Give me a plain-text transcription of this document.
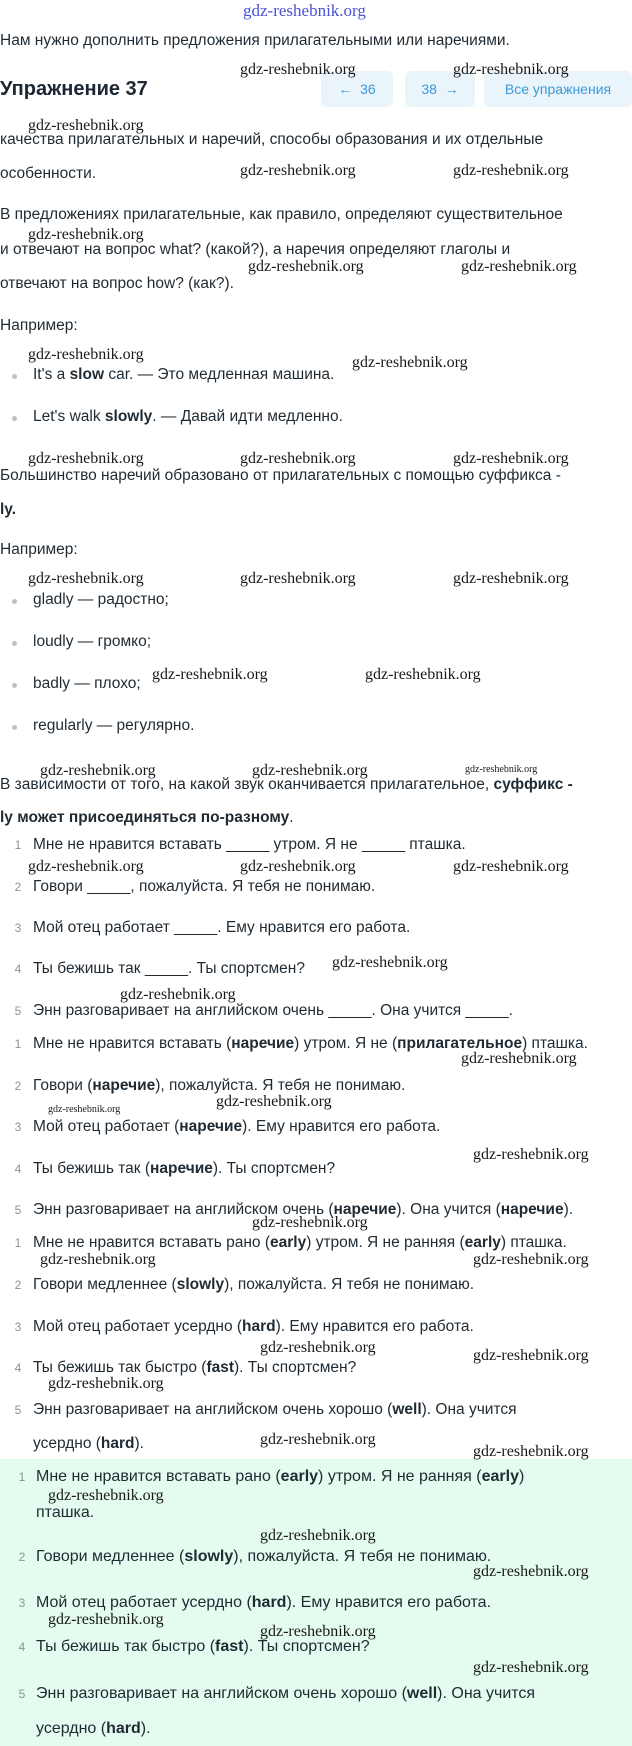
gdz-reshebnik.org
Нам нужно дополнить предложения прилагательными или наречиями.
Упражнение 37	← 36	38 →	Все упражнения
качества прилагательных и наречий, способы образования и их отдельные
особенности.
В предложениях прилагательные, как правило, определяют существительное
и отвечают на вопрос what? (какой?), а наречия определяют глаголы и
отвечают на вопрос how? (как?).
Например:
It's a slow car. — Это медленная машина.
Let's walk slowly. — Давай идти медленно.
Большинство наречий образовано от прилагательных с помощью суффикса -
ly.
Например:
gladly — радостно;
loudly — громко;
badly — плохо;
regularly — регулярно.
В зависимости от того, на какой звук оканчивается прилагательное, суффикс -
ly может присоединяться по-разному.
1 Мне не нравится вставать _____ утром. Я не _____ пташка.
2 Говори _____, пожалуйста. Я тебя не понимаю.
3 Мой отец работает _____. Ему нравится его работа.
4 Ты бежишь так _____. Ты спортсмен?
5 Энн разговаривает на английском очень _____. Она учится _____.
1 Мне не нравится вставать (наречие) утром. Я не (прилагательное) пташка.
2 Говори (наречие), пожалуйста. Я тебя не понимаю.
3 Мой отец работает (наречие). Ему нравится его работа.
4 Ты бежишь так (наречие). Ты спортсмен?
5 Энн разговаривает на английском очень (наречие). Она учится (наречие).
1 Мне не нравится вставать рано (early) утром. Я не ранняя (early) пташка.
2 Говори медленнее (slowly), пожалуйста. Я тебя не понимаю.
3 Мой отец работает усердно (hard). Ему нравится его работа.
4 Ты бежишь так быстро (fast). Ты спортсмен?
5 Энн разговаривает на английском очень хорошо (well). Она учится
усердно (hard).
1 Мне не нравится вставать рано (early) утром. Я не ранняя (early)
пташка.
2 Говори медленнее (slowly), пожалуйста. Я тебя не понимаю.
3 Мой отец работает усердно (hard). Ему нравится его работа.
4 Ты бежишь так быстро (fast). Ты спортсмен?
5 Энн разговаривает на английском очень хорошо (well). Она учится
усердно (hard).
gdz-reshebnik.org	gdz-reshebnik.org
gdz-reshebnik.org
gdz-reshebnik.org	gdz-reshebnik.org
gdz-reshebnik.org
gdz-reshebnik.org	gdz-reshebnik.org
gdz-reshebnik.org	gdz-reshebnik.org
gdz-reshebnik.org	gdz-reshebnik.org	gdz-reshebnik.org
gdz-reshebnik.org	gdz-reshebnik.org	gdz-reshebnik.org
gdz-reshebnik.org	gdz-reshebnik.org
gdz-reshebnik.org	gdz-reshebnik.org	gdz-reshebnik.org
gdz-reshebnik.org	gdz-reshebnik.org	gdz-reshebnik.org
gdz-reshebnik.org
gdz-reshebnik.org
gdz-reshebnik.org
gdz-reshebnik.org
gdz-reshebnik.org
gdz-reshebnik.org
gdz-reshebnik.org
gdz-reshebnik.org	gdz-reshebnik.org
gdz-reshebnik.org	gdz-reshebnik.org
gdz-reshebnik.org
gdz-reshebnik.org
gdz-reshebnik.org
gdz-reshebnik.org
gdz-reshebnik.org
gdz-reshebnik.org
gdz-reshebnik.org
gdz-reshebnik.org
gdz-reshebnik.org
